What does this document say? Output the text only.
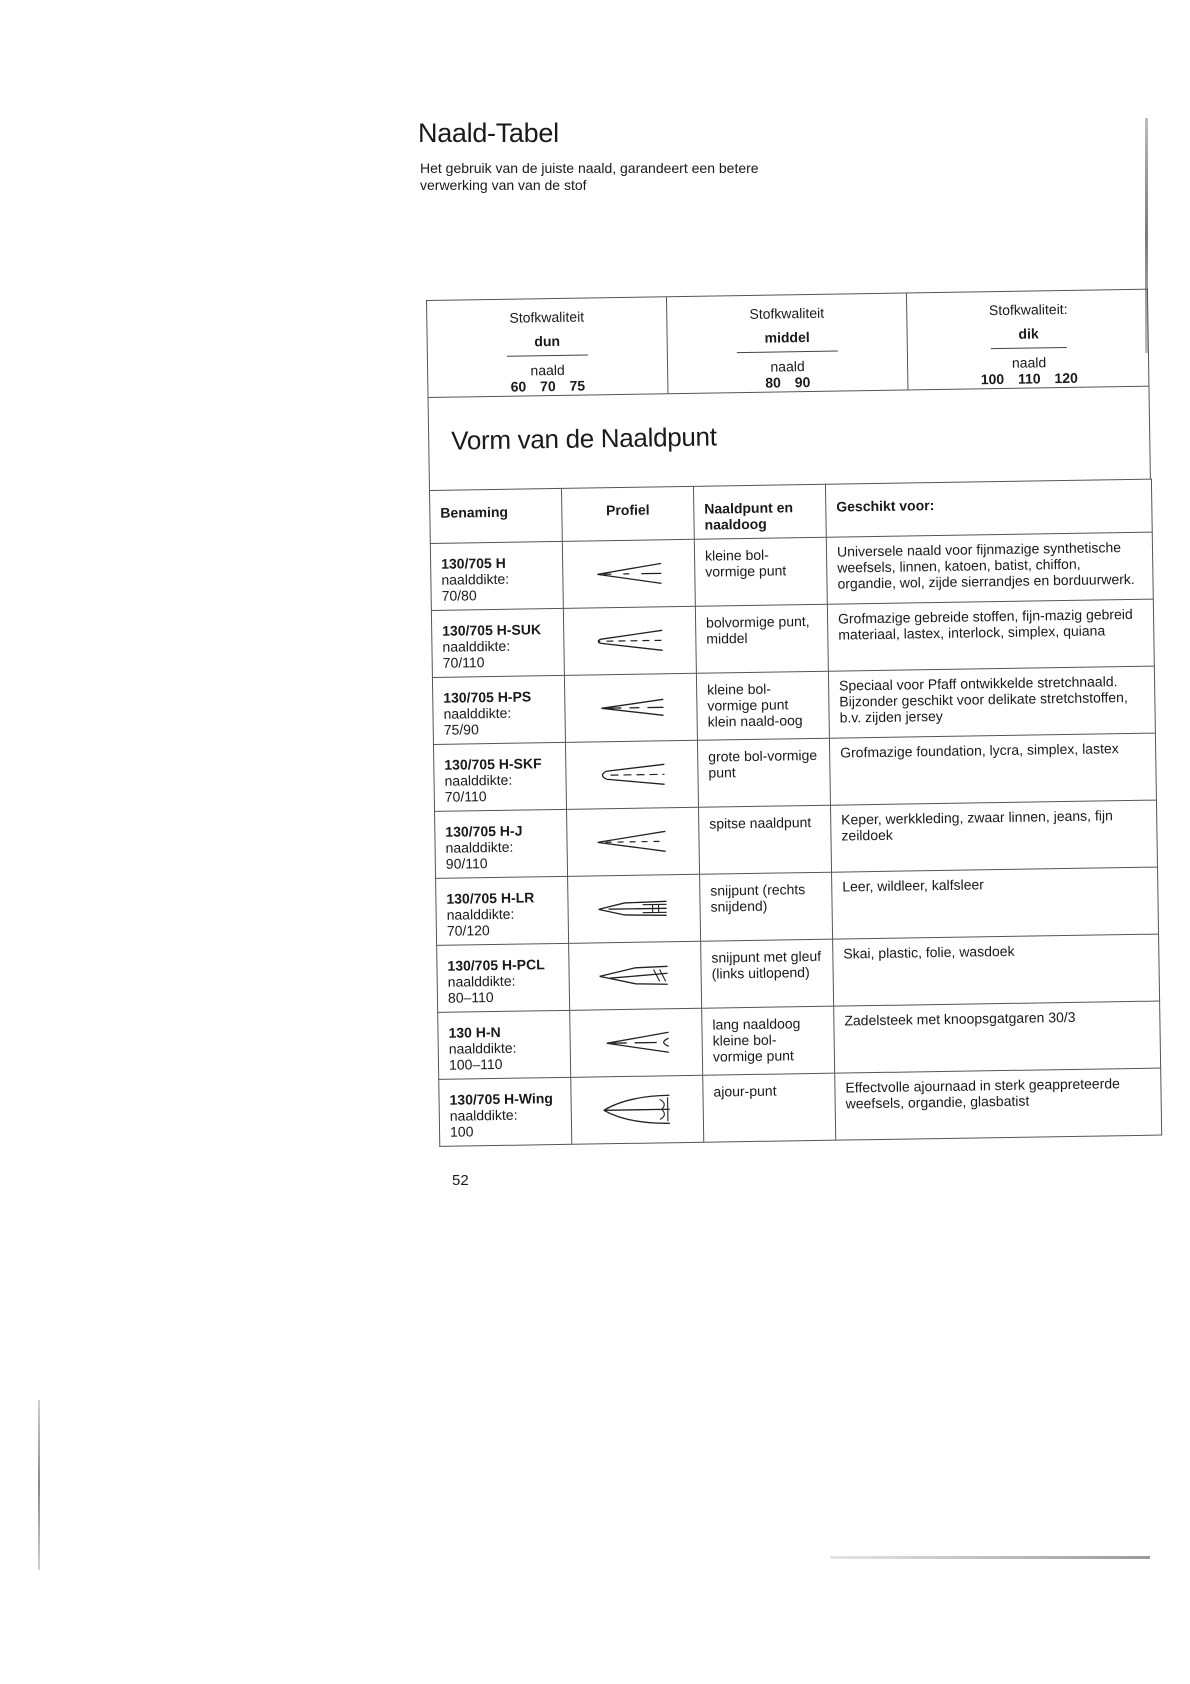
Naald-Tabel

Het gebruik van de juiste naald, garandeert een betere verwerking van van de stof

Stofkwaliteit
dun
naald
60 70 75
Stofkwaliteit
middel
naald
80 90
Stofkwaliteit:
dik
naald
100 110 120
Vorm van de Naaldpunt
Benaming	Profiel	Naaldpunt en naaldoog	Geschikt voor:

130/705 H
naalddikte:
70/80		kleine bol-vormige punt	Universele naald voor fijnmazige synthetische weefsels, linnen, katoen, batist, chiffon, organdie, wol, zijde sierrandjes en borduurwerk.

130/705 H-SUK
naalddikte:
70/110		bolvormige punt, middel	Grofmazige gebreide stoffen, fijn-mazig gebreid materiaal, lastex, interlock, simplex, quiana

130/705 H-PS
naalddikte:
75/90		kleine bol-vormige punt klein naald-oog	Speciaal voor Pfaff ontwikkelde stretchnaald. Bijzonder geschikt voor delikate stretchstoffen, b.v. zijden jersey

130/705 H-SKF
naalddikte:
70/110		grote bol-vormige punt	Grofmazige foundation, lycra, simplex, lastex

130/705 H-J
naalddikte:
90/110		spitse naaldpunt	Keper, werkkleding, zwaar linnen, jeans, fijn zeildoek

130/705 H-LR
naalddikte:
70/120		snijpunt (rechts snijdend)	Leer, wildleer, kalfsleer

130/705 H-PCL
naalddikte:
80–110		snijpunt met gleuf (links uitlopend)	Skai, plastic, folie, wasdoek

130 H-N
naalddikte:
100–110		lang naaldoog kleine bol-vormige punt	Zadelsteek met knoopsgatgaren 30/3

130/705 H-Wing
naalddikte:
100		ajour-punt	Effectvolle ajournaad in sterk geappreteerde weefsels, organdie, glasbatist

52
